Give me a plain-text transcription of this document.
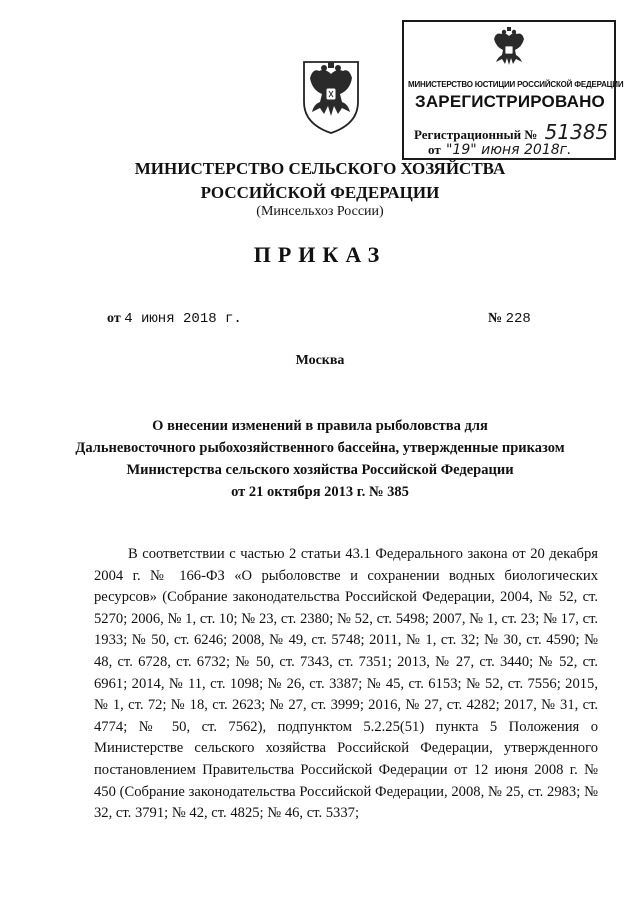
МИНИСТЕРСТВО ЮСТИЦИИ РОССИЙСКОЙ ФЕДЕРАЦИИ
ЗАРЕГИСТРИРОВАНО
Регистрационный № 51385
от "19" июня 2018г.
МИНИСТЕРСТВО СЕЛЬСКОГО ХОЗЯЙСТВА
РОССИЙСКОЙ ФЕДЕРАЦИИ
(Минсельхоз России)
ПРИКАЗ
от 4 июня 2018 г.	№ 228
Москва
О внесении изменений в правила рыболовства для
Дальневосточного рыбохозяйственного бассейна, утвержденные приказом
Министерства сельского хозяйства Российской Федерации
от 21 октября 2013 г. № 385

В соответствии с частью 2 статьи 43.1 Федерального закона от 20 декабря 2004 г. № 166-ФЗ «О рыболовстве и сохранении водных биологических ресурсов» (Собрание законодательства Российской Федерации, 2004, № 52, ст. 5270; 2006, № 1, ст. 10; № 23, ст. 2380; № 52, ст. 5498; 2007, № 1, ст. 23; № 17, ст. 1933; № 50, ст. 6246; 2008, № 49, ст. 5748; 2011, № 1, ст. 32; № 30, ст. 4590; № 48, ст. 6728, ст. 6732; № 50, ст. 7343, ст. 7351; 2013, № 27, ст. 3440; № 52, ст. 6961; 2014, № 11, ст. 1098; № 26, ст. 3387; № 45, ст. 6153; № 52, ст. 7556; 2015, № 1, ст. 72; № 18, ст. 2623; № 27, ст. 3999; 2016, № 27, ст. 4282; 2017, № 31, ст. 4774; № 50, ст. 7562), подпунктом 5.2.25(51) пункта 5 Положения о Министерстве сельского хозяйства Российской Федерации, утвержденного постановлением Правительства Российской Федерации от 12 июня 2008 г. № 450 (Собрание законодательства Российской Федерации, 2008, № 25, ст. 2983; № 32, ст. 3791; № 42, ст. 4825; № 46, ст. 5337;
